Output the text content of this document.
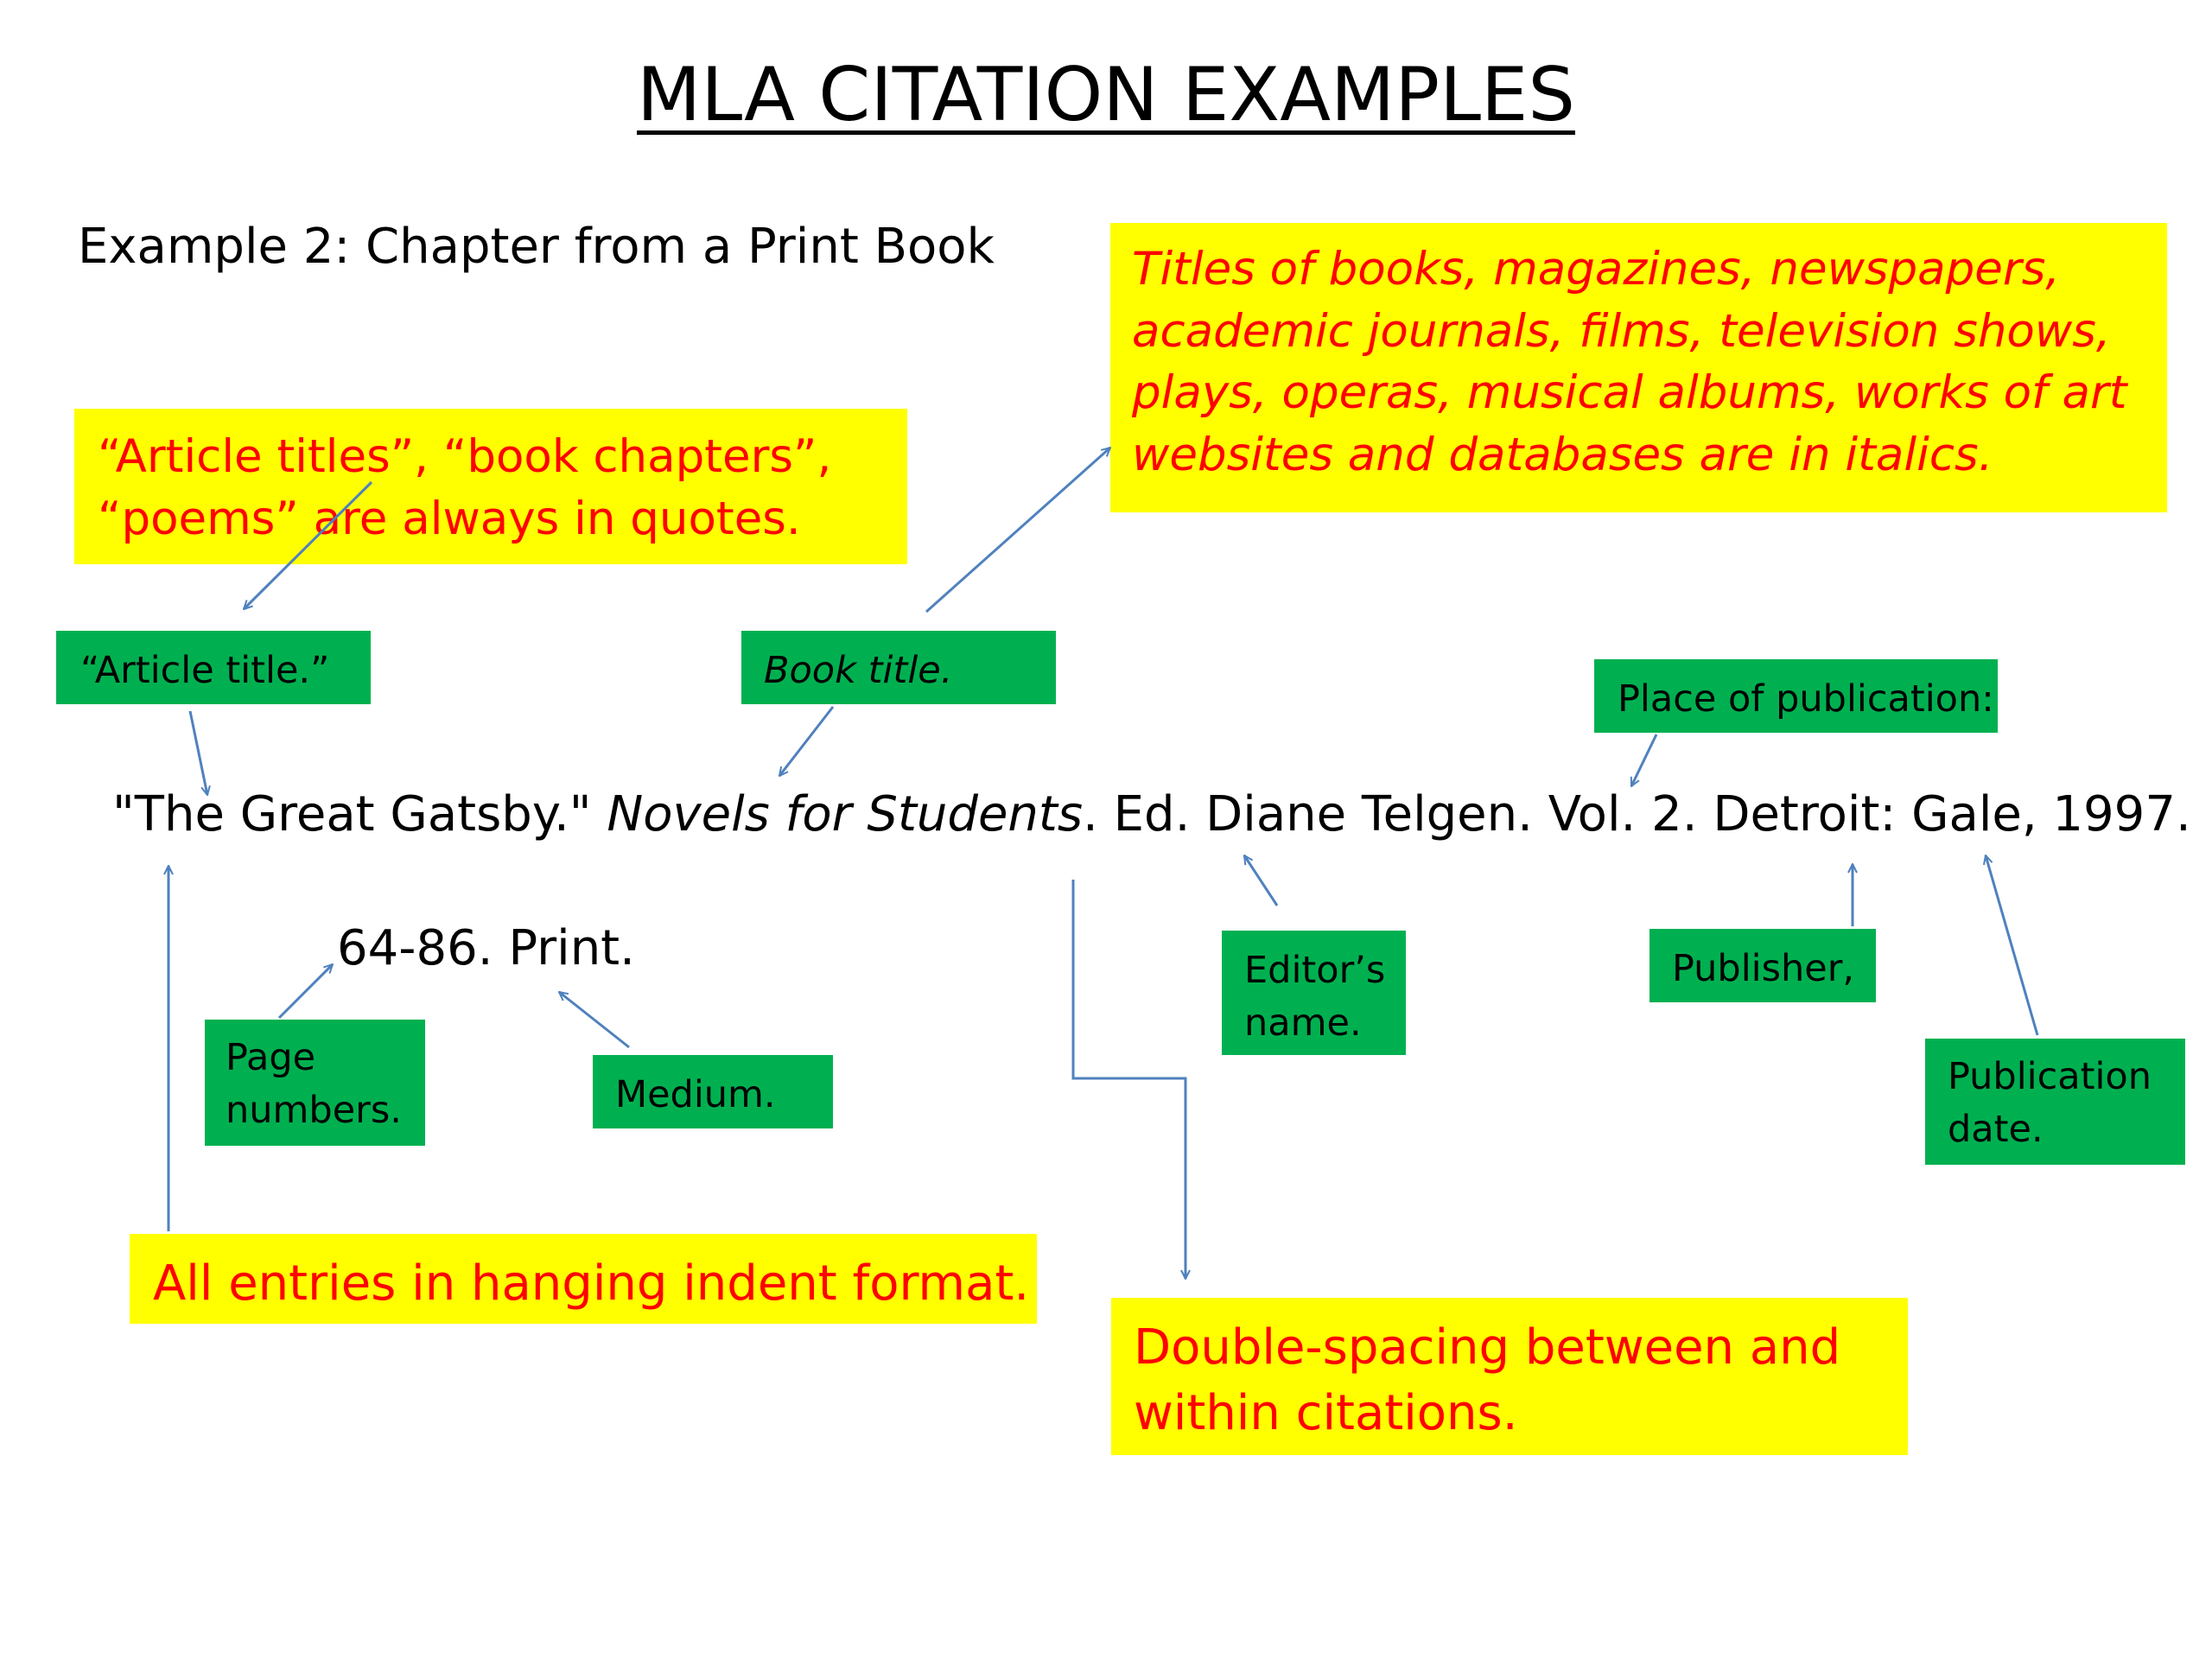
MLA CITATION EXAMPLES
Example 2: Chapter from a Print Book	Titles of books, magazines, newspapers,
academic journals, films, television shows,
plays, operas, musical albums, works of art
websites and databases are in italics.
“Article titles”, “book chapters”,
“poems” are always in quotes.
“Article title.”	Book title.
Place of publication:
"The Great Gatsby." Novels for Students. Ed. Diane Telgen. Vol. 2. Detroit: Gale, 1997.
64-86. Print.	Editor’s
name.
Publisher,
Page
numbers.	Medium.	Publication
date.
All entries in hanging indent format.
Double-spacing between and
within citations.
